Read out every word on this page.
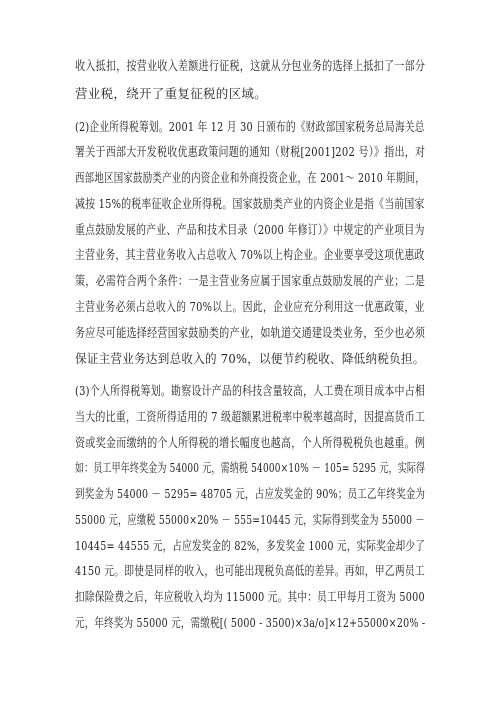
收入抵扣，按营业收入差额进行征税，这就从分包业务的选择上抵扣了一部分
营业税，绕开了重复征税的区域。
(2)企业所得税筹划。2001 年 12 月 30 日颁布的《财政部国家税务总局海关总
署关于西部大开发税收优惠政策问题的通知（财税[2001]202 号）》指出，对
西部地区国家鼓励类产业的内资企业和外商投资企业，在 2001～ 2010 年期间，
减按 15%的税率征收企业所得税。国家鼓励类产业的内资企业是指《当前国家
重点鼓励发展的产业、产品和技术目录（2000 年修订）》中规定的产业项目为
主营业务，其主营业务收入占总收入 70%以上构企业。企业要享受这项优惠政
策，必需符合两个条件：一是主营业务应属于国家重点鼓励发展的产业；二是
主营业务必须占总收入的 70%以上。因此，企业应充分利用这一优惠政策，业
务应尽可能选择经营国家鼓励类的产业，如轨道交通建设类业务，至少也必须
保证主营业务达到总收入的 70%，以便节约税收、降低纳税负担。
(3)个人所得税筹划。勘察设计产品的科技含量较高，人工费在项目成本中占相
当大的比重，工资所得适用的 7 级超额累进税率中税率越高时，因提高货币工
资或奖金而缴纳的个人所得税的增长幅度也越高，个人所得税税负也越重。例
如：员工甲年终奖金为 54000 元，需纳税 54000×10% － 105= 5295 元，实际得
到奖金为 54000 － 5295= 48705 元，占应发奖金的 90%；员工乙年终奖金为
55000 元，应缴税 55000×20% － 555=10445 元，实际得到奖金为 55000 －
10445= 44555 元，占应发奖金的 82%，多发奖金 1000 元，实际奖金却少了
4150 元。即使是同样的收入，也可能出现税负高低的差异。再如，甲乙两员工
扣除保险费之后，年应税收入均为 115000 元。其中：员工甲每月工资为 5000
元，年终奖为 55000 元，需缴税[( 5000 - 3500)×3a/o]×12+55000×20% -
